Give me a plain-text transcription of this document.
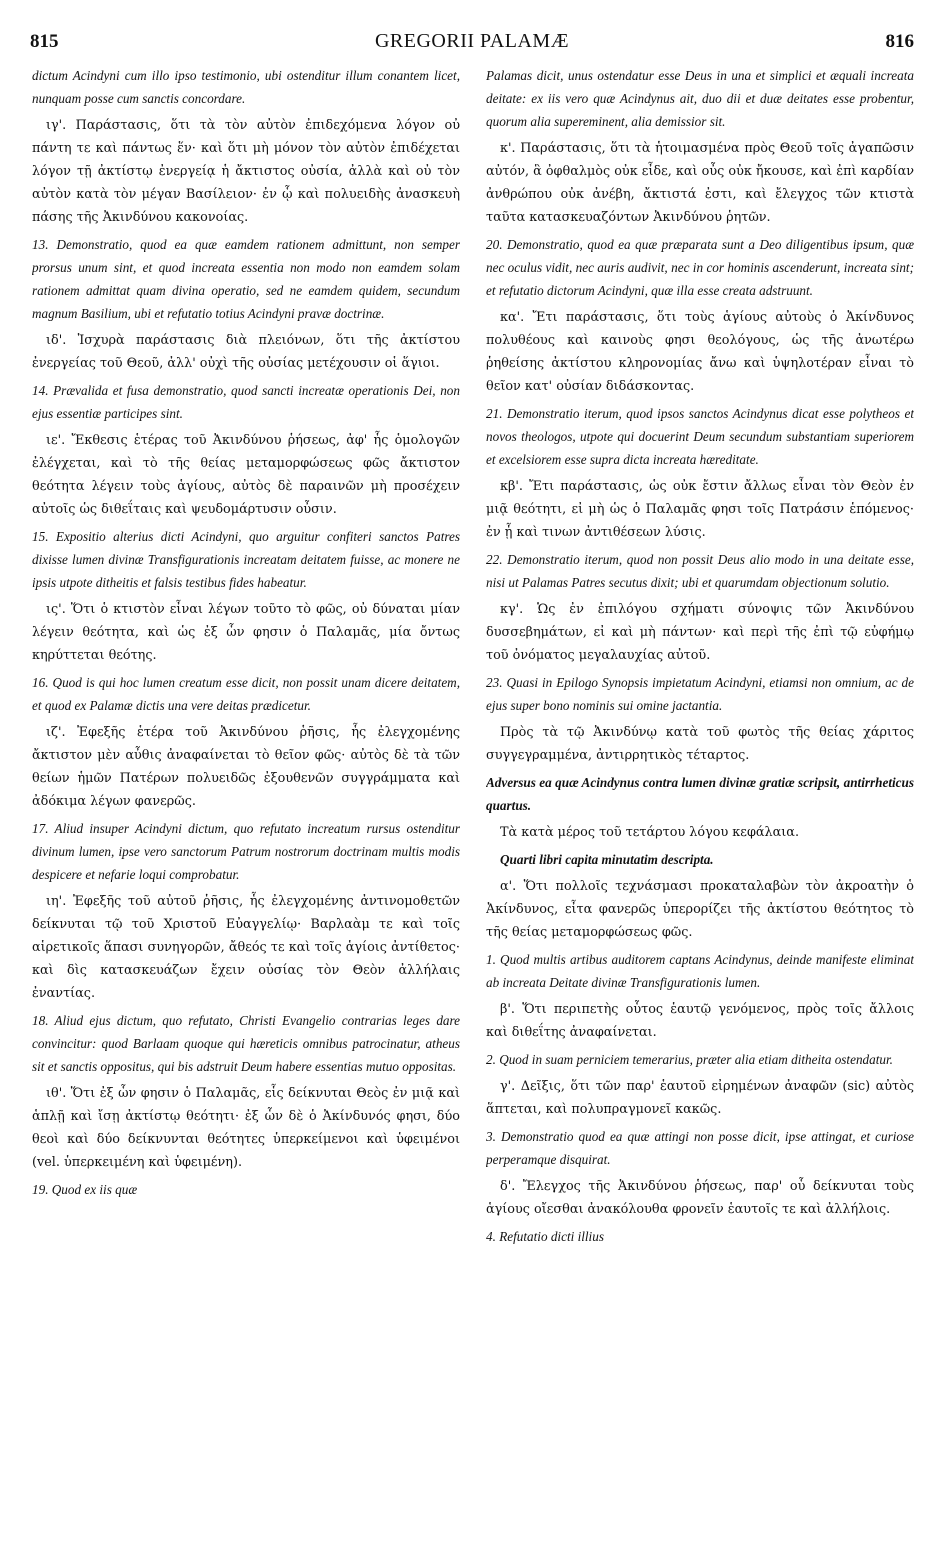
815	GREGORII PALAMÆ	816

dictum Acindyni cum illo ipso testimonio, ubi ostenditur illum conantem licet, nunquam posse cum sanctis concordare.

ιγ'. Παράστασις, ὅτι τὰ τὸν αὐτὸν ἐπιδεχόμενα λόγον οὐ πάντη τε καὶ πάντως ἕν· καὶ ὅτι μὴ μόνον τὸν αὐτὸν ἐπιδέχεται λόγον τῇ ἀκτίστῳ ἐνεργείᾳ ἡ ἄκτιστος οὐσία, ἀλλὰ καὶ οὐ τὸν αὐτὸν κατὰ τὸν μέγαν Βασίλειον· ἐν ᾧ καὶ πολυειδὴς ἀνασκευὴ πάσης τῆς Ἀκινδύνου κακονοίας.

13. Demonstratio, quod ea quæ eamdem rationem admittunt, non semper prorsus unum sint, et quod increata essentia non modo non eamdem solam rationem admittat quam divina operatio, sed ne eamdem quidem, secundum magnum Basilium, ubi et refutatio totius Acindyni pravæ doctrinæ.

ιδ'. Ἰσχυρὰ παράστασις διὰ πλειόνων, ὅτι τῆς ἀκτίστου ἐνεργείας τοῦ Θεοῦ, ἀλλ' οὐχὶ τῆς οὐσίας μετέχουσιν οἱ ἅγιοι.

14. Prævalida et fusa demonstratio, quod sancti increatæ operationis Dei, non ejus essentiæ participes sint.

ιε'. Ἔκθεσις ἑτέρας τοῦ Ἀκινδύνου ῥήσεως, ἀφ' ἧς ὁμολογῶν ἐλέγχεται, καὶ τὸ τῆς θείας μεταμορφώσεως φῶς ἄκτιστον θεότητα λέγειν τοὺς ἁγίους, αὐτὸς δὲ παραινῶν μὴ προσέχειν αὐτοῖς ὡς διθεΐταις καὶ ψευδομάρτυσιν οὖσιν.

15. Expositio alterius dicti Acindyni, quo arguitur confiteri sanctos Patres dixisse lumen divinæ Transfigurationis increatam deitatem fuisse, ac monere ne ipsis utpote ditheitis et falsis testibus fides habeatur.

ις'. Ὅτι ὁ κτιστὸν εἶναι λέγων τοῦτο τὸ φῶς, οὐ δύναται μίαν λέγειν θεότητα, καὶ ὡς ἐξ ὧν φησιν ὁ Παλαμᾶς, μία ὄντως κηρύττεται θεότης.

16. Quod is qui hoc lumen creatum esse dicit, non possit unam dicere deitatem, et quod ex Palamæ dictis una vere deitas prædicetur.

ιζ'. Ἐφεξῆς ἑτέρα τοῦ Ἀκινδύνου ῥῆσις, ἧς ἐλεγχομένης ἄκτιστον μὲν αὖθις ἀναφαίνεται τὸ θεῖον φῶς· αὐτὸς δὲ τὰ τῶν θείων ἡμῶν Πατέρων πολυειδῶς ἐξουθενῶν συγγράμματα καὶ ἀδόκιμα λέγων φανερῶς.

17. Aliud insuper Acindyni dictum, quo refutato increatum rursus ostenditur divinum lumen, ipse vero sanctorum Patrum nostrorum doctrinam multis modis despicere et nefarie loqui comprobatur.

ιη'. Ἐφεξῆς τοῦ αὐτοῦ ῥῆσις, ἧς ἐλεγχομένης ἀντινομοθετῶν δείκνυται τῷ τοῦ Χριστοῦ Εὐαγγελίῳ· Βαρλαὰμ τε καὶ τοῖς αἱρετικοῖς ἅπασι συνηγορῶν, ἄθεός τε καὶ τοῖς ἁγίοις ἀντίθετος· καὶ δὶς κατασκευάζων ἔχειν οὐσίας τὸν Θεὸν ἀλλήλαις ἐναντίας.

18. Aliud ejus dictum, quo refutato, Christi Evangelio contrarias leges dare convincitur: quod Barlaam quoque qui hæreticis omnibus patrocinatur, atheus sit et sanctis oppositus, qui bis adstruit Deum habere essentias mutuo oppositas.

ιθ'. Ὅτι ἐξ ὧν φησιν ὁ Παλαμᾶς, εἷς δείκνυται Θεὸς ἐν μιᾷ καὶ ἁπλῇ καὶ ἴσῃ ἀκτίστῳ θεότητι· ἐξ ὧν δὲ ὁ Ἀκίνδυνός φησι, δύο θεοὶ καὶ δύο δείκνυνται θεότητες ὑπερκείμενοι καὶ ὑφειμένοι (vel. ὑπερκειμένη καὶ ὑφειμένη).

19. Quod ex iis quæ

Palamas dicit, unus ostendatur esse Deus in una et simplici et æquali increata deitate: ex iis vero quæ Acindynus ait, duo dii et duæ deitates esse probentur, quorum alia supereminent, alia demissior sit.

κ'. Παράστασις, ὅτι τὰ ἡτοιμασμένα πρὸς Θεοῦ τοῖς ἀγαπῶσιν αὐτόν, ἃ ὀφθαλμὸς οὐκ εἶδε, καὶ οὖς οὐκ ἤκουσε, καὶ ἐπὶ καρδίαν ἀνθρώπου οὐκ ἀνέβη, ἄκτιστά ἐστι, καὶ ἔλεγχος τῶν κτιστὰ ταῦτα κατασκευαζόντων Ἀκινδύνου ῥητῶν.

20. Demonstratio, quod ea quæ præparata sunt a Deo diligentibus ipsum, quæ nec oculus vidit, nec auris audivit, nec in cor hominis ascenderunt, increata sint; et refutatio dictorum Acindyni, quæ illa esse creata adstruunt.

κα'. Ἔτι παράστασις, ὅτι τοὺς ἁγίους αὐτοὺς ὁ Ἀκίνδυνος πολυθέους καὶ καινοὺς φησι θεολόγους, ὡς τῆς ἀνωτέρω ῥηθείσης ἀκτίστου κληρονομίας ἄνω καὶ ὑψηλοτέραν εἶναι τὸ θεῖον κατ' οὐσίαν διδάσκοντας.

21. Demonstratio iterum, quod ipsos sanctos Acindynus dicat esse polytheos et novos theologos, utpote qui docuerint Deum secundum substantiam superiorem et excelsiorem esse supra dicta increata hæreditate.

κβ'. Ἔτι παράστασις, ὡς οὐκ ἔστιν ἄλλως εἶναι τὸν Θεὸν ἐν μιᾷ θεότητι, εἰ μὴ ὡς ὁ Παλαμᾶς φησι τοῖς Πατράσιν ἑπόμενος· ἐν ᾗ καὶ τινων ἀντιθέσεων λύσις.

22. Demonstratio iterum, quod non possit Deus alio modo in una deitate esse, nisi ut Palamas Patres secutus dixit; ubi et quarumdam objectionum solutio.

κγ'. Ὡς ἐν ἐπιλόγου σχήματι σύνοψις τῶν Ἀκινδύνου δυσσεβημάτων, εἰ καὶ μὴ πάντων· καὶ περὶ τῆς ἐπὶ τῷ εὐφήμῳ τοῦ ὀνόματος μεγαλαυχίας αὐτοῦ.

23. Quasi in Epilogo Synopsis impietatum Acindyni, etiamsi non omnium, ac de ejus super bono nominis sui omine jactantia.

Πρὸς τὰ τῷ Ἀκινδύνῳ κατὰ τοῦ φωτὸς τῆς θείας χάριτος συγγεγραμμένα, ἀντιρρητικὸς τέταρτος.

Adversus ea quæ Acindynus contra lumen divinæ gratiæ scripsit, antirrheticus quartus.

Τὰ κατὰ μέρος τοῦ τετάρτου λόγου κεφάλαια.

Quarti libri capita minutatim descripta.

α'. Ὅτι πολλοῖς τεχνάσμασι προκαταλαβὼν τὸν ἀκροατὴν ὁ Ἀκίνδυνος, εἶτα φανερῶς ὑπερορίζει τῆς ἀκτίστου θεότητος τὸ τῆς θείας μεταμορφώσεως φῶς.

1. Quod multis artibus auditorem captans Acindynus, deinde manifeste eliminat ab increata Deitate divinæ Transfigurationis lumen.

β'. Ὅτι περιπετὴς οὗτος ἑαυτῷ γενόμενος, πρὸς τοῖς ἄλλοις καὶ διθεΐτης ἀναφαίνεται.

2. Quod in suam perniciem temerarius, præter alia etiam ditheita ostendatur.

γ'. Δεῖξις, ὅτι τῶν παρ' ἑαυτοῦ εἰρημένων ἀναφῶν (sic) αὐτὸς ἅπτεται, καὶ πολυπραγμονεῖ κακῶς.

3. Demonstratio quod ea quæ attingi non posse dicit, ipse attingat, et curiose perperamque disquirat.

δ'. Ἔλεγχος τῆς Ἀκινδύνου ῥήσεως, παρ' οὗ δείκνυται τοὺς ἁγίους οἴεσθαι ἀνακόλουθα φρονεῖν ἑαυτοῖς τε καὶ ἀλλήλοις.

4. Refutatio dicti illius
